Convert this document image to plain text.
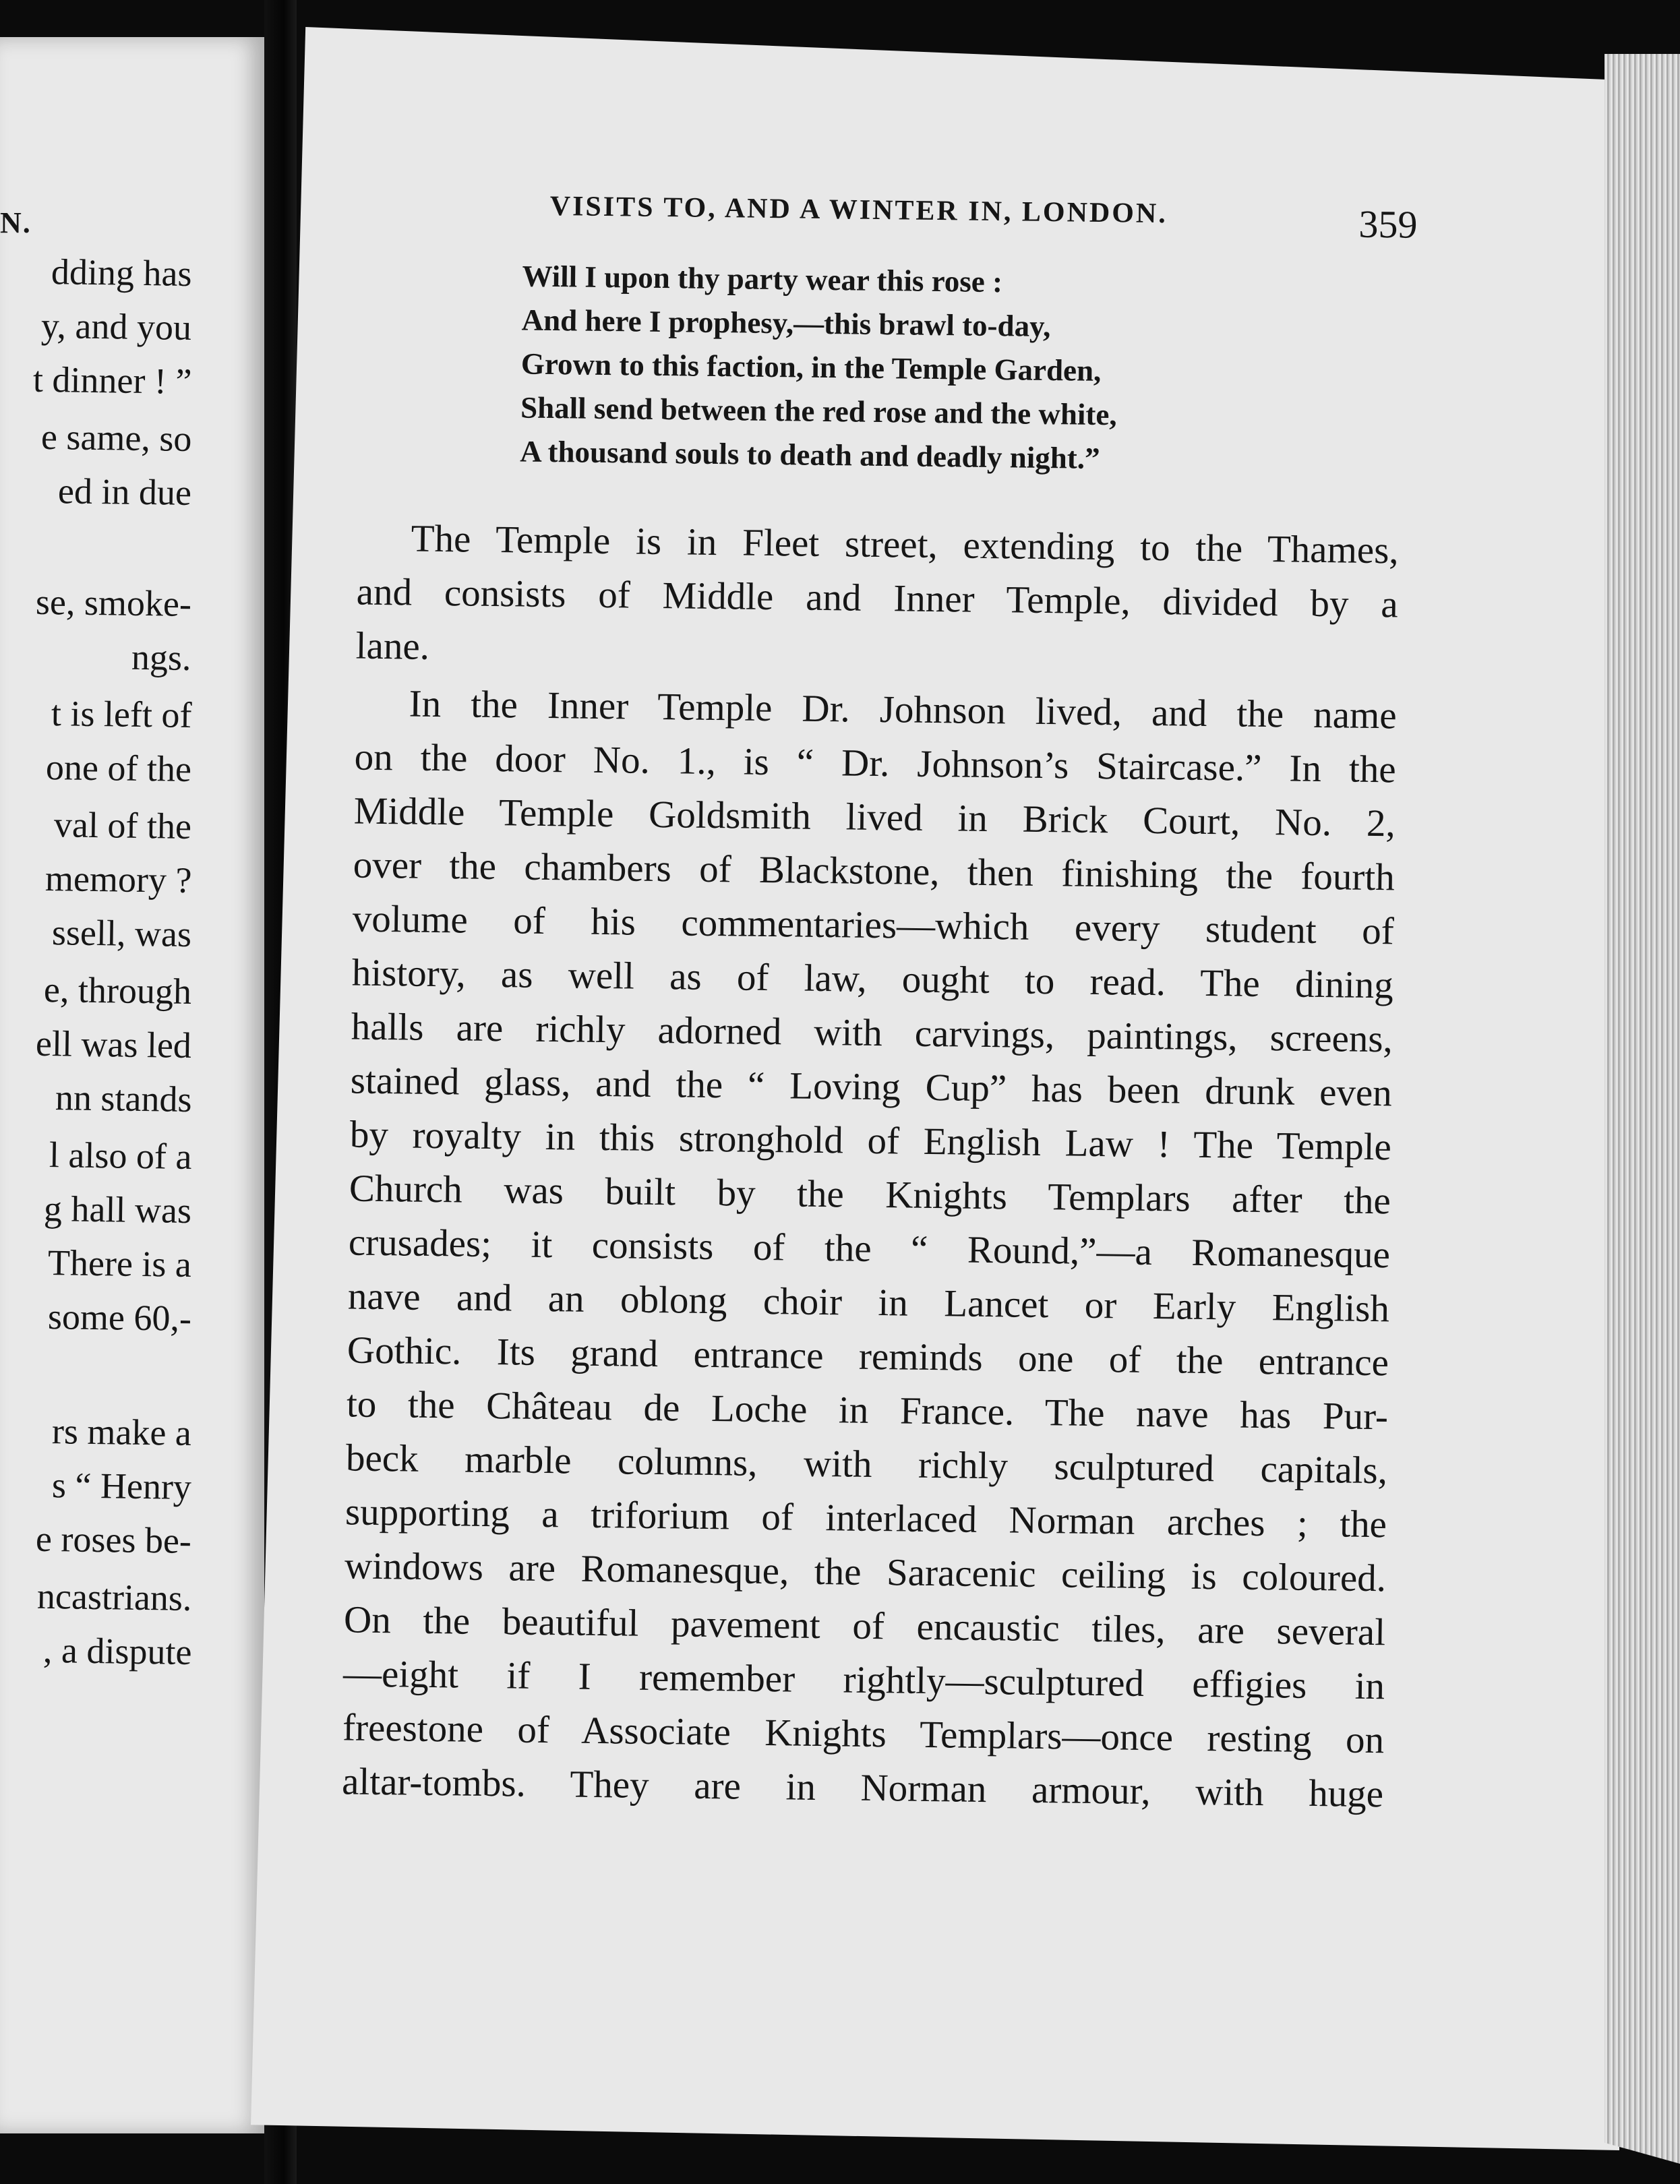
N.
dding has
y, and you
t dinner ! ”
e same, so
ed in due
se, smoke-
ngs.
t is left of
one of the
val of the
memory ?
ssell, was
e, through
ell was led
nn stands
l also of a
g hall was
There is a
some 60,-
rs make a
s “ Henry
e roses be-
ncastrians.
, a dispute
VISITS TO, AND A WINTER IN, LONDON.	359
Will I upon thy party wear this rose :
And here I prophesy,—this brawl to-day,
Grown to this faction, in the Temple Garden,
Shall send between the red rose and the white,
A thousand souls to death and deadly night.”
The Temple is in Fleet street, extending to the Thames,
and consists of Middle and Inner Temple, divided by a
lane.
In the Inner Temple Dr. Johnson lived, and the name
on the door No. 1., is “ Dr. Johnson’s Staircase.” In the
Middle Temple Goldsmith lived in Brick Court, No. 2,
over the chambers of Blackstone, then finishing the fourth
volume of his commentaries—which every student of
history, as well as of law, ought to read. The dining
halls are richly adorned with carvings, paintings, screens,
stained glass, and the “ Loving Cup” has been drunk even
by royalty in this stronghold of English Law ! The Temple
Church was built by the Knights Templars after the
crusades; it consists of the “ Round,”—a Romanesque
nave and an oblong choir in Lancet or Early English
Gothic. Its grand entrance reminds one of the entrance
to the Château de Loche in France. The nave has Pur-
beck marble columns, with richly sculptured capitals,
supporting a triforium of interlaced Norman arches ; the
windows are Romanesque, the Saracenic ceiling is coloured.
On the beautiful pavement of encaustic tiles, are several
—eight if I remember rightly—sculptured effigies in
freestone of Associate Knights Templars—once resting on
altar-tombs. They are in Norman armour, with huge
